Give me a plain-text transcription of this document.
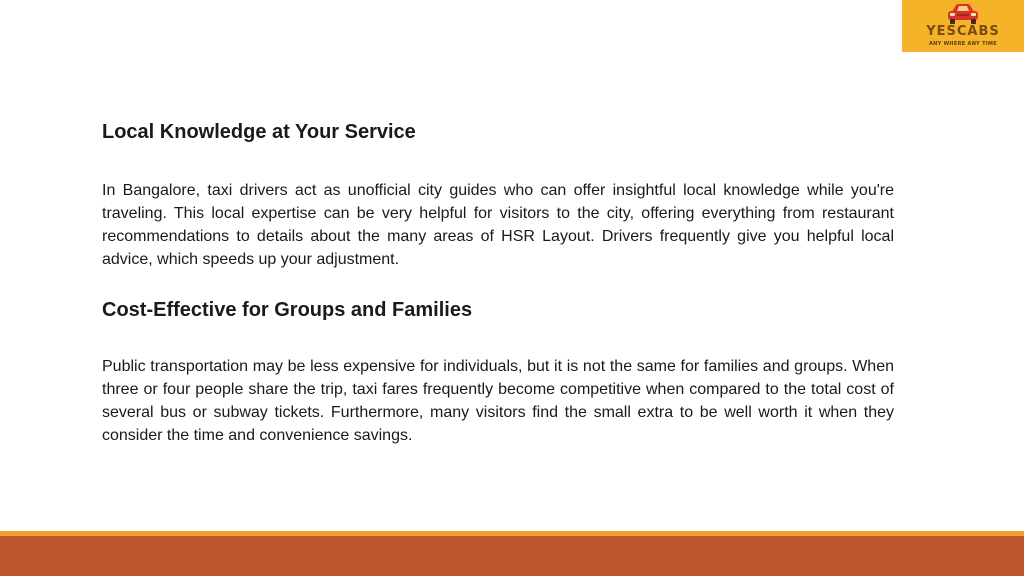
YESCABS
ANY WHERE ANY TIME
Local Knowledge at Your Service

In Bangalore, taxi drivers act as unofficial city guides who can offer insightful local knowledge while you're traveling. This local expertise can be very helpful for visitors to the city, offering everything from restaurant recommendations to details about the many areas of HSR Layout. Drivers frequently give you helpful local advice, which speeds up your adjustment.

Cost-Effective for Groups and Families

Public transportation may be less expensive for individuals, but it is not the same for families and groups. When three or four people share the trip, taxi fares frequently become competitive when compared to the total cost of several bus or subway tickets. Furthermore, many visitors find the small extra to be well worth it when they consider the time and convenience savings.
